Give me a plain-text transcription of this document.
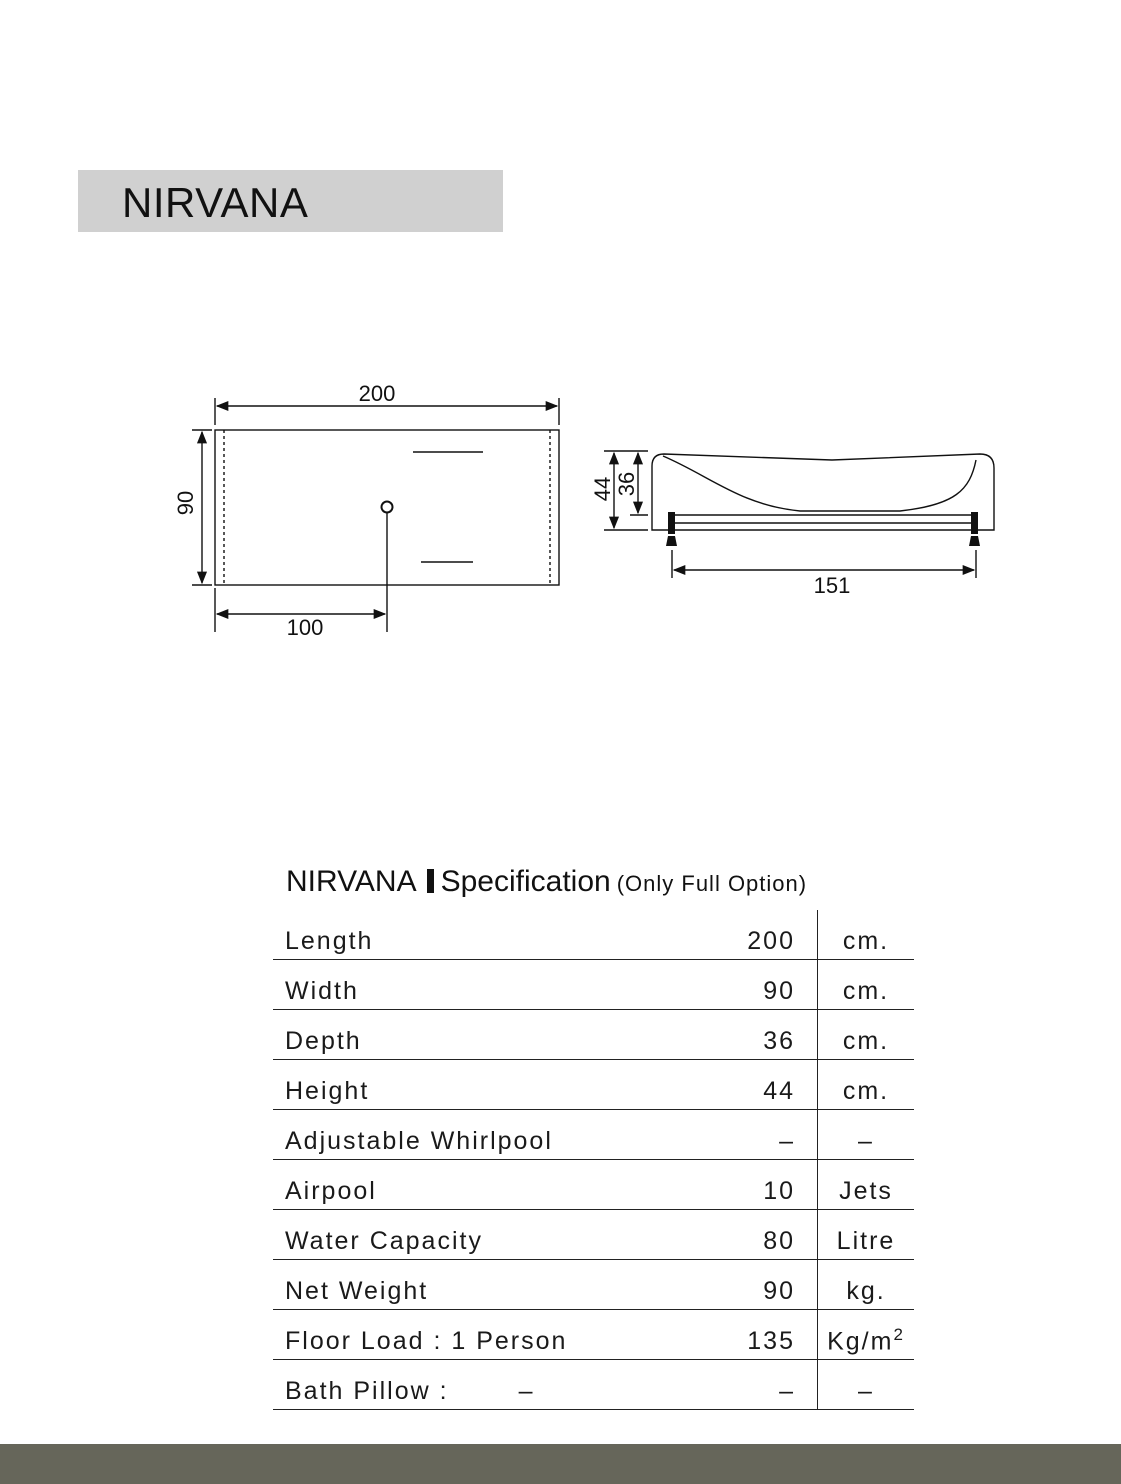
NIRVANA
200
90
100
44 36
151
NIRVANA Specification (Only Full Option)
Length	200	cm.
Width	90	cm.
Depth	36	cm.
Height	44	cm.
Adjustable Whirlpool	–	–
Airpool	10	Jets
Water Capacity	80	Litre
Net Weight	90	kg.
Floor Load : 1 Person	135	$Kg/m^2$
Bath Pillow : –	–	–
